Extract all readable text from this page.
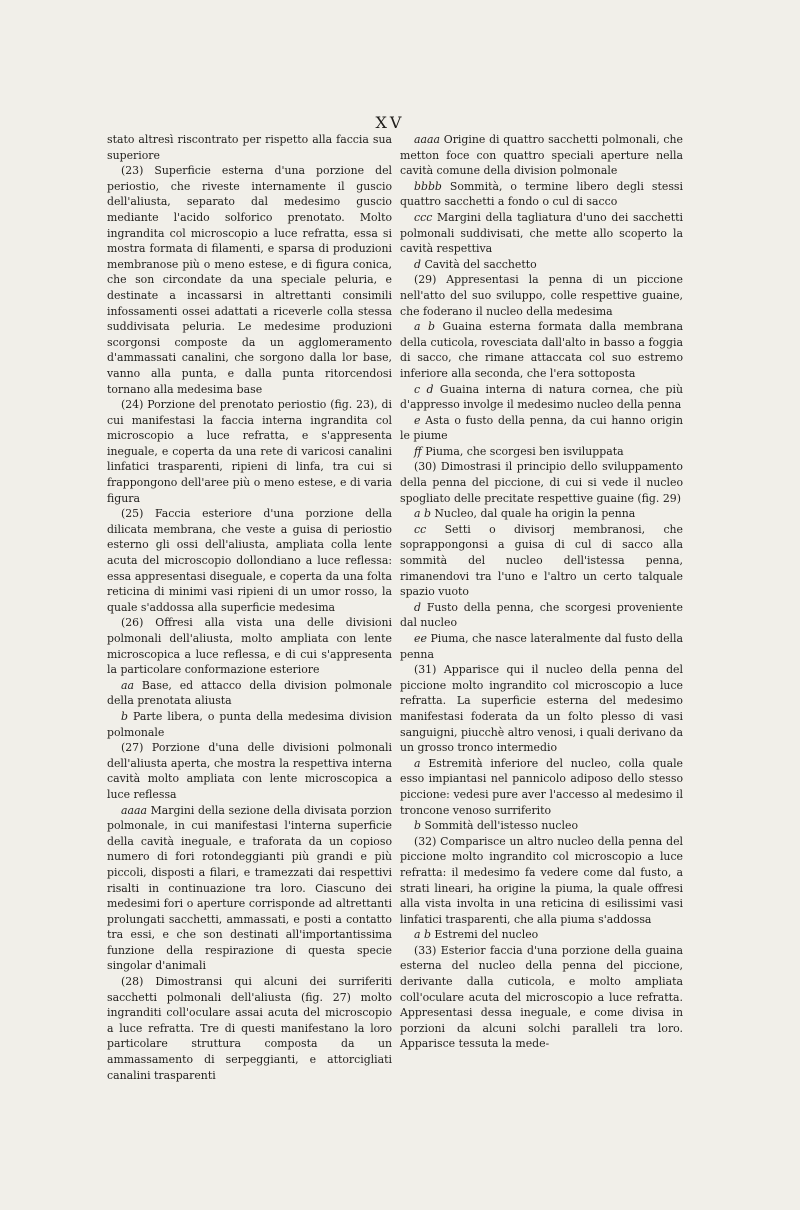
XV

stato altresì riscontrato per rispetto alla faccia sua superiore

(23) Superficie esterna d'una porzione del periostio, che riveste internamente il guscio dell'aliusta, separato dal medesimo guscio mediante l'acido solforico prenotato. Molto ingrandita col microscopio a luce refratta, essa si mostra formata di filamenti, e sparsa di produzioni membranose più o meno estese, e di figura conica, che son circondate da una speciale peluria, e destinate a incassarsi in altrettanti consimili infossamenti ossei adattati a riceverle colla stessa suddivisata peluria. Le medesime produzioni scorgonsi composte da un agglomeramento d'ammassati canalini, che sorgono dalla lor base, vanno alla punta, e dalla punta ritorcendosi tornano alla medesima base

(24) Porzione del prenotato periostio (fig. 23), di cui manifestasi la faccia interna ingrandita col microscopio a luce refratta, e s'appresenta ineguale, e coperta da una rete di varicosi canalini linfatici trasparenti, ripieni di linfa, tra cui si frappongono dell'aree più o meno estese, e di varia figura

(25) Faccia esteriore d'una porzione della dilicata membrana, che veste a guisa di periostio esterno gli ossi dell'aliusta, ampliata colla lente acuta del microscopio dollondiano a luce reflessa: essa appresentasi diseguale, e coperta da una folta reticina di minimi vasi ripieni di un umor rosso, la quale s'addossa alla superficie medesima

(26) Offresi alla vista una delle divisioni polmonali dell'aliusta, molto ampliata con lente microscopica a luce reflessa, e di cui s'appresenta la particolare conformazione esteriore

aa Base, ed attacco della division polmonale della prenotata aliusta

b Parte libera, o punta della medesima division polmonale

(27) Porzione d'una delle divisioni polmonali dell'aliusta aperta, che mostra la respettiva interna cavità molto ampliata con lente microscopica a luce reflessa

aaaa Margini della sezione della divisata porzion polmonale, in cui manifestasi l'interna superficie della cavità ineguale, e traforata da un copioso numero di fori rotondeggianti più grandi e più piccoli, disposti a filari, e tramezzati dai respettivi risalti in continuazione tra loro. Ciascuno dei medesimi fori o aperture corrisponde ad altrettanti prolungati sacchetti, ammassati, e posti a contatto tra essi, e che son destinati all'importantissima funzione della respirazione di questa specie singolar d'animali

(28) Dimostransi qui alcuni dei surriferiti sacchetti polmonali dell'aliusta (fig. 27) molto ingranditi coll'oculare assai acuta del microscopio a luce refratta. Tre di questi manifestano la loro particolare struttura composta da un ammassamento di serpeggianti, e attorcigliati canalini trasparenti

aaaa Origine di quattro sacchetti polmonali, che metton foce con quattro speciali aperture nella cavità comune della division polmonale

bbbb Sommità, o termine libero degli stessi quattro sacchetti a fondo o cul di sacco

ccc Margini della tagliatura d'uno dei sacchetti polmonali suddivisati, che mette allo scoperto la cavità respettiva

d Cavità del sacchetto

(29) Appresentasi la penna di un piccione nell'atto del suo sviluppo, colle respettive guaine, che foderano il nucleo della medesima

a b Guaina esterna formata dalla membrana della cuticola, rovesciata dall'alto in basso a foggia di sacco, che rimane attaccata col suo estremo inferiore alla seconda, che l'era sottoposta

c d Guaina interna di natura cornea, che più d'appresso involge il medesimo nucleo della penna

e Asta o fusto della penna, da cui hanno origin le piume

ff Piuma, che scorgesi ben isviluppata

(30) Dimostrasi il principio dello sviluppamento della penna del piccione, di cui si vede il nucleo spogliato delle precitate respettive guaine (fig. 29)

a b Nucleo, dal quale ha origin la penna

cc Setti o divisorj membranosi, che soprappongonsi a guisa di cul di sacco alla sommità del nucleo dell'istessa penna, rimanendovi tra l'uno e l'altro un certo talquale spazio vuoto

d Fusto della penna, che scorgesi proveniente dal nucleo

ee Piuma, che nasce lateralmente dal fusto della penna

(31) Apparisce qui il nucleo della penna del piccione molto ingrandito col microscopio a luce refratta. La superficie esterna del medesimo manifestasi foderata da un folto plesso di vasi sanguigni, piucchè altro venosi, i quali derivano da un grosso tronco intermedio

a Estremità inferiore del nucleo, colla quale esso impiantasi nel pannicolo adiposo dello stesso piccione: vedesi pure aver l'accesso al medesimo il troncone venoso surriferito

b Sommità dell'istesso nucleo

(32) Comparisce un altro nucleo della penna del piccione molto ingrandito col microscopio a luce refratta: il medesimo fa vedere come dal fusto, a strati lineari, ha origine la piuma, la quale offresi alla vista involta in una reticina di esilissimi vasi linfatici trasparenti, che alla piuma s'addossa

a b Estremi del nucleo

(33) Esterior faccia d'una porzione della guaina esterna del nucleo della penna del piccione, derivante dalla cuticola, e molto ampliata coll'oculare acuta del microscopio a luce refratta. Appresentasi dessa ineguale, e come divisa in porzioni da alcuni solchi paralleli tra loro. Apparisce tessuta la mede-
